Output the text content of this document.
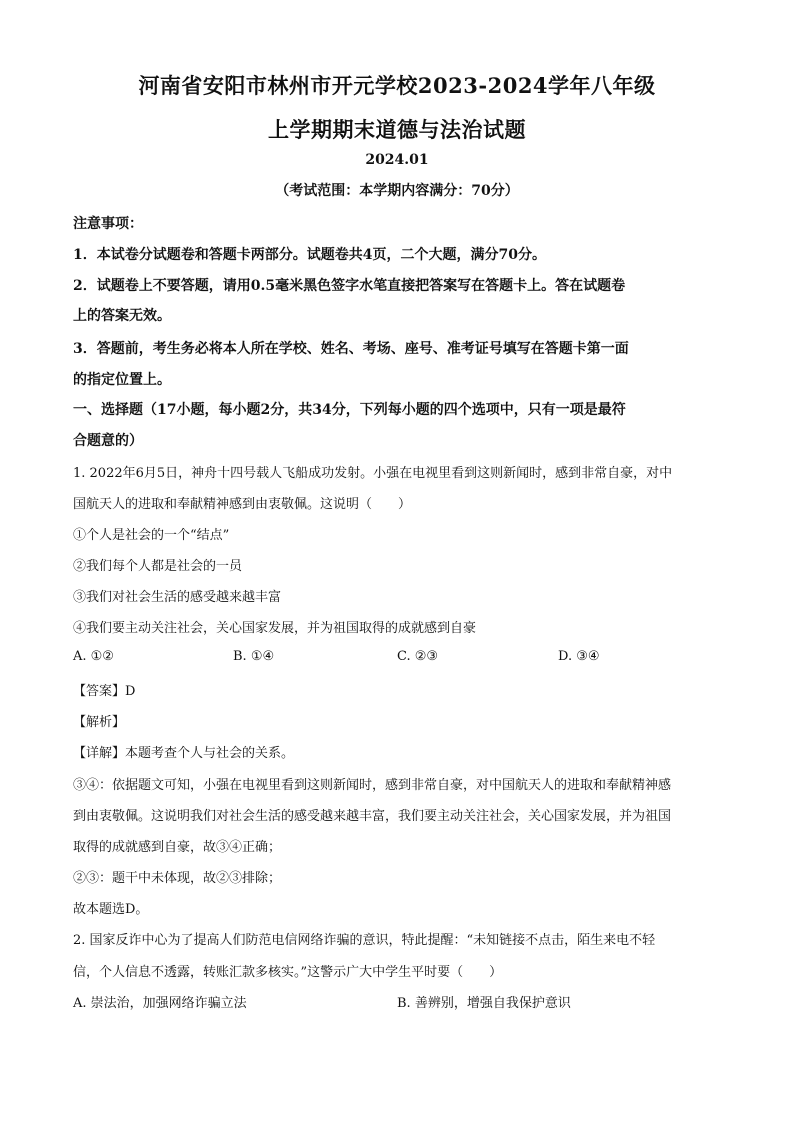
河南省安阳市林州市开元学校2023-2024学年八年级
上学期期末道德与法治试题
2024.01
（考试范围：本学期内容满分：70分）
注意事项：
1．本试卷分试题卷和答题卡两部分。试题卷共4页，二个大题，满分70分。
2．试题卷上不要答题，请用0.5毫米黑色签字水笔直接把答案写在答题卡上。答在试题卷
上的答案无效。
3．答题前，考生务必将本人所在学校、姓名、考场、座号、准考证号填写在答题卡第一面
的指定位置上。
一、选择题（17小题，每小题2分，共34分，下列每小题的四个选项中，只有一项是最符
合题意的）
1. 2022年6月5日，神舟十四号载人飞船成功发射。小强在电视里看到这则新闻时，感到非常自豪，对中
国航天人的进取和奉献精神感到由衷敬佩。这说明（　　）
①个人是社会的一个“结点”
②我们每个人都是社会的一员
③我们对社会生活的感受越来越丰富
④我们要主动关注社会，关心国家发展，并为祖国取得的成就感到自豪
A. ①②	B. ①④	C. ②③	D. ③④
【答案】D
【解析】
【详解】本题考查个人与社会的关系。
③④：依据题文可知，小强在电视里看到这则新闻时，感到非常自豪，对中国航天人的进取和奉献精神感
到由衷敬佩。这说明我们对社会生活的感受越来越丰富，我们要主动关注社会，关心国家发展，并为祖国
取得的成就感到自豪，故③④正确；
②③：题干中未体现，故②③排除；
故本题选D。
2. 国家反诈中心为了提高人们防范电信网络诈骗的意识，特此提醒：“未知链接不点击，陌生来电不轻
信，个人信息不透露，转账汇款多核实。”这警示广大中学生平时要（　　）
A. 崇法治，加强网络诈骗立法	B. 善辨别，增强自我保护意识
